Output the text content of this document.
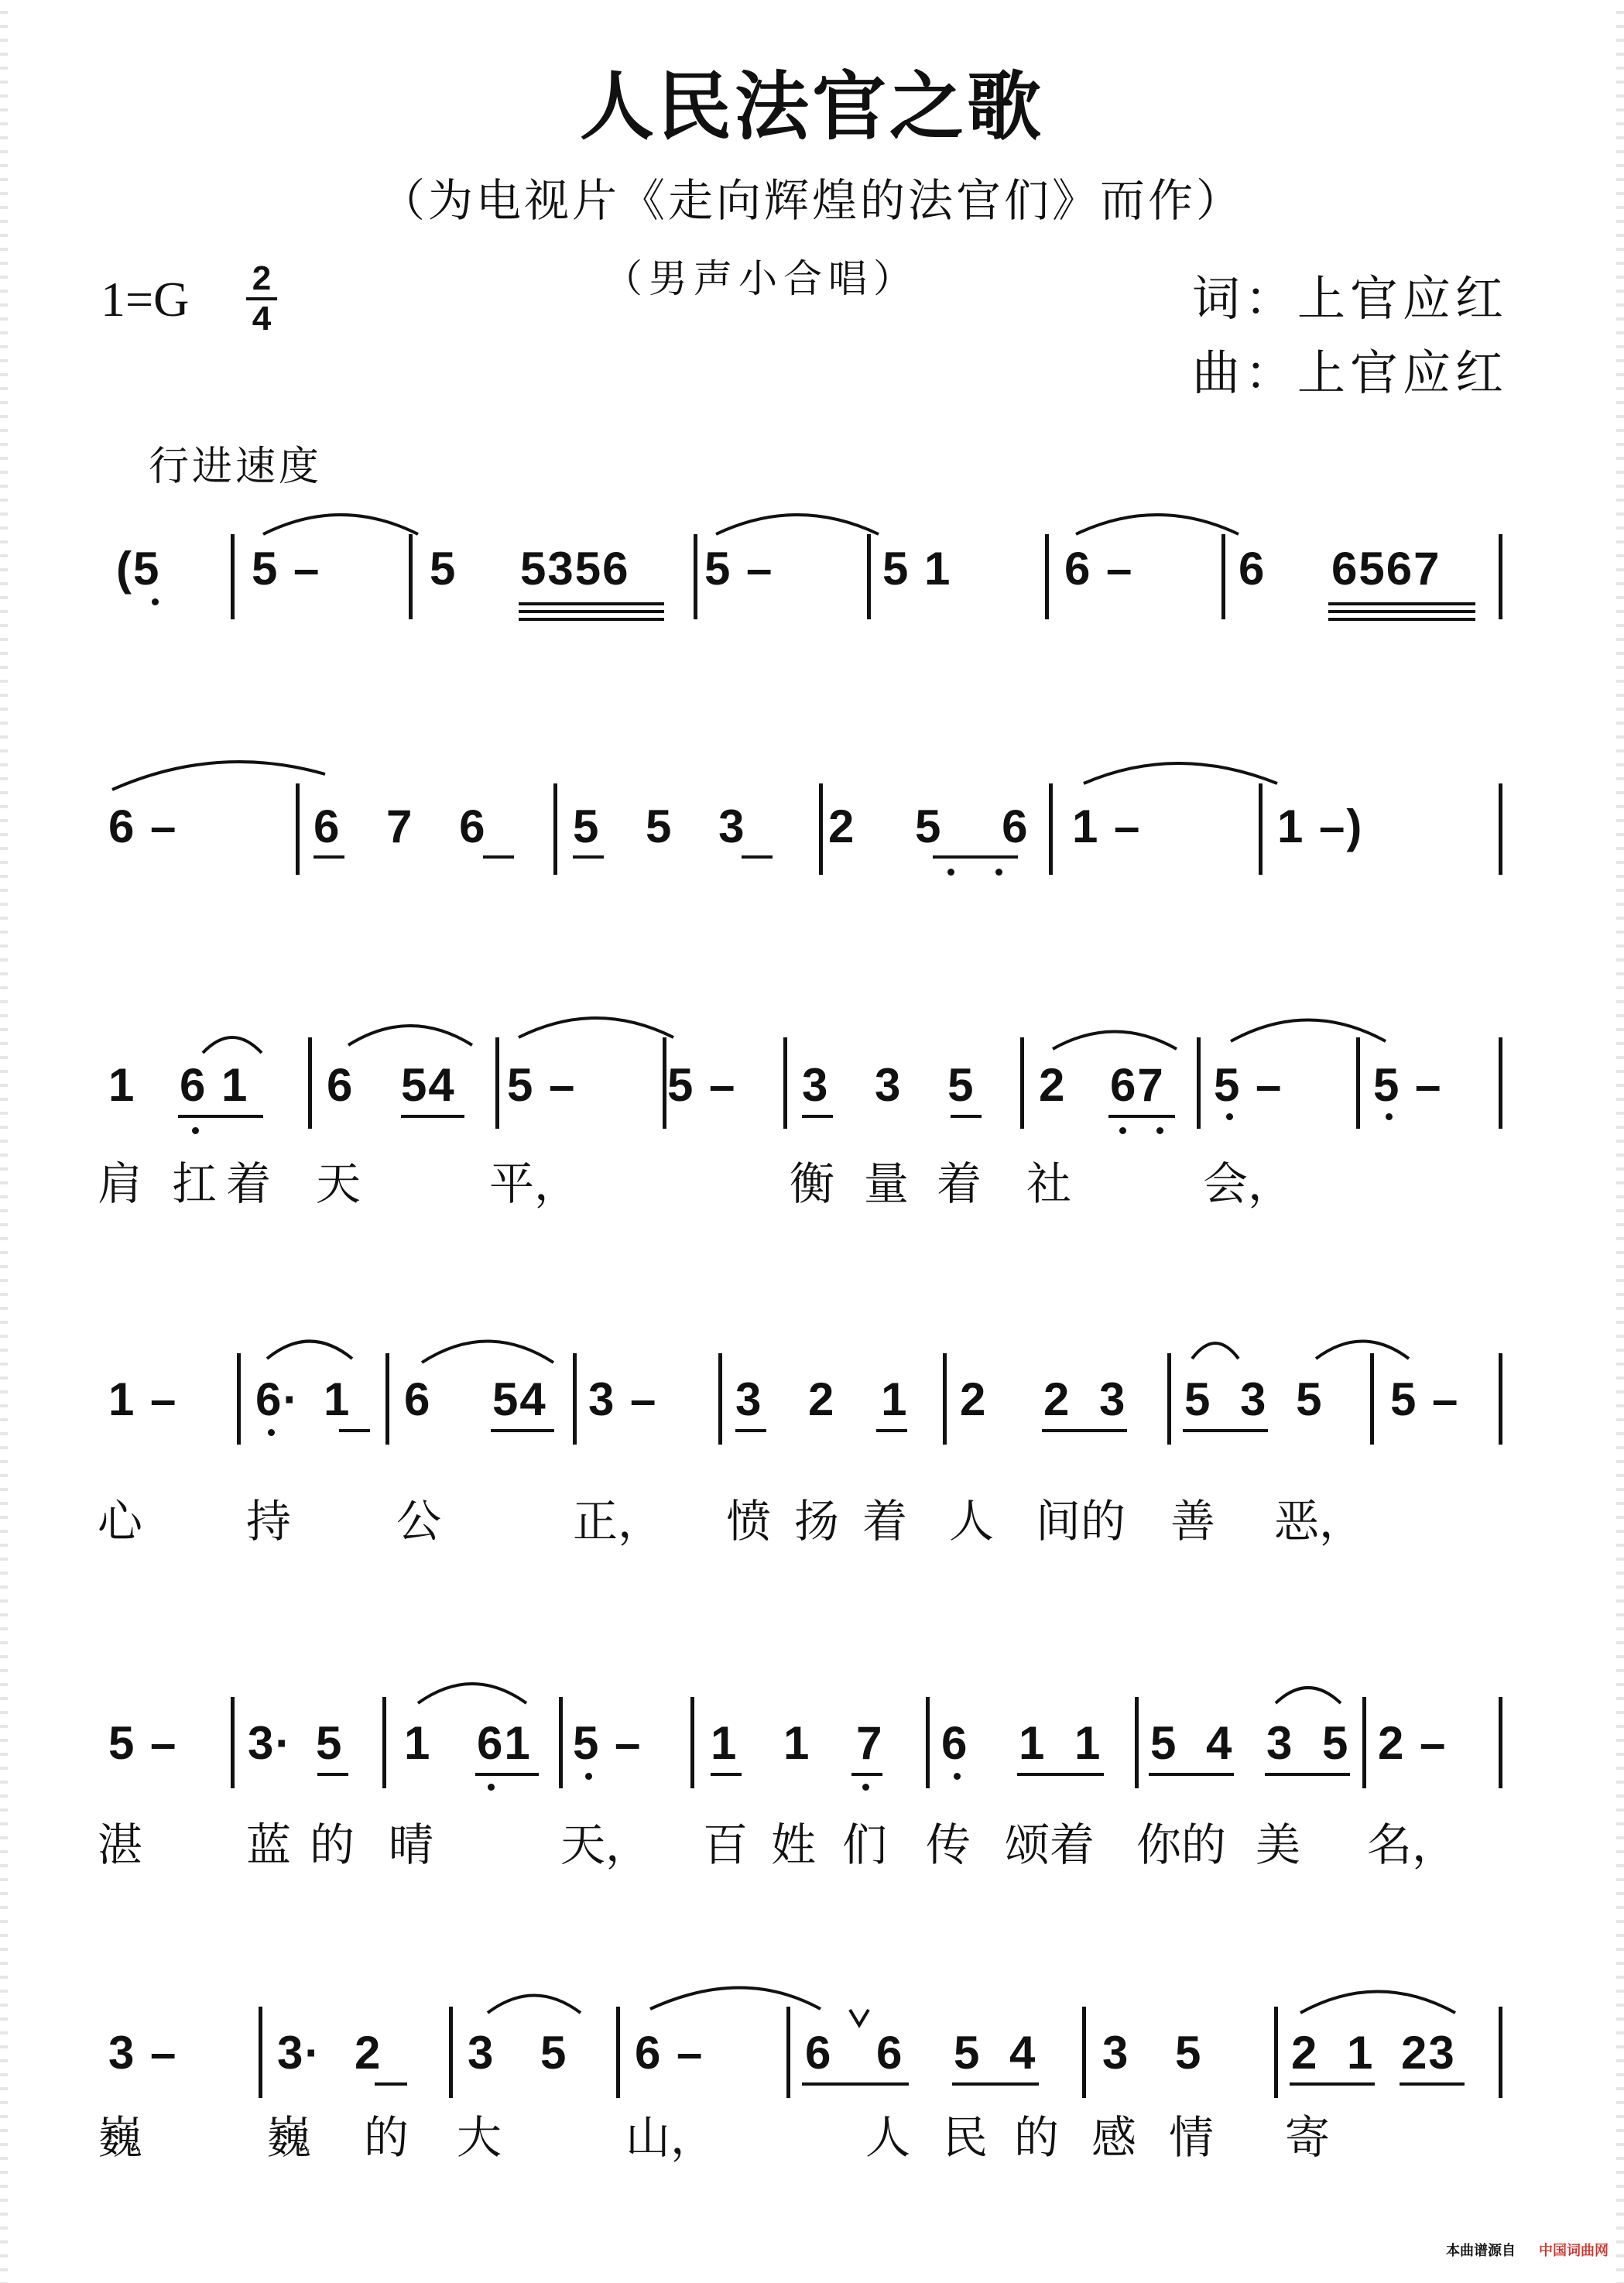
人民法官之歌
（为电视片《走向辉煌的法官们》而作）
（男声小合唱）
1=G 2
4	词：上官应红
曲：上官应红
行进速度
(5 5 – 5 5356 5 – 5 1 6 – 6 6567
6 –	6 7 6 5 5 3 2 5 6 1 –	1 –)
1 6 1 6 54 5 – 5 – 3 3 5 2 67 5 – 5 –
肩 扛 着 天	平，	衡 量 着 社	会，
1 – 6· 1 6 54 3 – 3 2 1 2 2 3 5 3 5 5 –
心 持 公	正， 愤 扬 着 人 间的 善 恶，
5 – 3· 5 1 61 5 – 1 1 7 6 1 1 5 4 3 5 2 –
湛 蓝 的 晴	天， 百 姓 们 传 颂着 你的 美 名，
3 – 3· 2 3 5 6 – 6 6 5 4 3 5 2 1 23
巍	巍 的 大	山，	人 民 的 感 情 寄
本曲谱源自 中国词曲网
